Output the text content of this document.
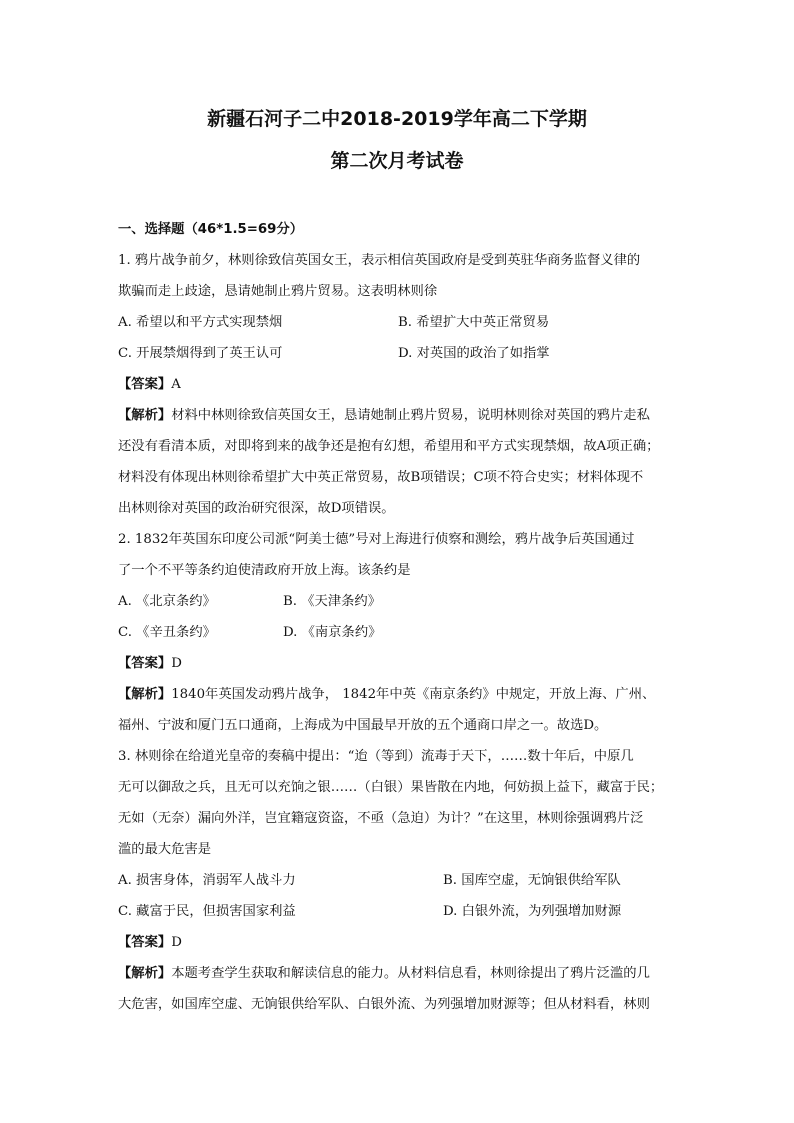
新疆石河子二中2018-2019学年高二下学期
第二次月考试卷
一、选择题（46*1.5=69分）
1. 鸦片战争前夕，林则徐致信英国女王，表示相信英国政府是受到英驻华商务监督义律的
欺骗而走上歧途，恳请她制止鸦片贸易。这表明林则徐
A. 希望以和平方式实现禁烟	B. 希望扩大中英正常贸易
C. 开展禁烟得到了英王认可	D. 对英国的政治了如指掌
【答案】A
【解析】材料中林则徐致信英国女王，恳请她制止鸦片贸易，说明林则徐对英国的鸦片走私
还没有看清本质，对即将到来的战争还是抱有幻想，希望用和平方式实现禁烟，故A项正确；
材料没有体现出林则徐希望扩大中英正常贸易，故B项错误；C项不符合史实；材料体现不
出林则徐对英国的政治研究很深，故D项错误。
2. 1832年英国东印度公司派“阿美士德”号对上海进行侦察和测绘，鸦片战争后英国通过
了一个不平等条约迫使清政府开放上海。该条约是
A. 《北京条约》	B. 《天津条约》
C. 《辛丑条约》	D. 《南京条约》
【答案】D
【解析】1840年英国发动鸦片战争， 1842年中英《南京条约》中规定，开放上海、广州、
福州、宁波和厦门五口通商，上海成为中国最早开放的五个通商口岸之一。故选D。
3. 林则徐在给道光皇帝的奏稿中提出：“迨（等到）流毒于天下，……数十年后，中原几
无可以御敌之兵，且无可以充饷之银……（白银）果皆散在内地，何妨损上益下，藏富于民；
无如（无奈）漏向外洋，岂宜籍寇资盗，不亟（急迫）为计？”在这里，林则徐强调鸦片泛
滥的最大危害是
A. 损害身体，消弱军人战斗力	B. 国库空虚，无饷银供给军队
C. 藏富于民，但损害国家利益	D. 白银外流，为列强增加财源
【答案】D
【解析】本题考查学生获取和解读信息的能力。从材料信息看，林则徐提出了鸦片泛滥的几
大危害，如国库空虚、无饷银供给军队、白银外流、为列强增加财源等；但从材料看，林则
